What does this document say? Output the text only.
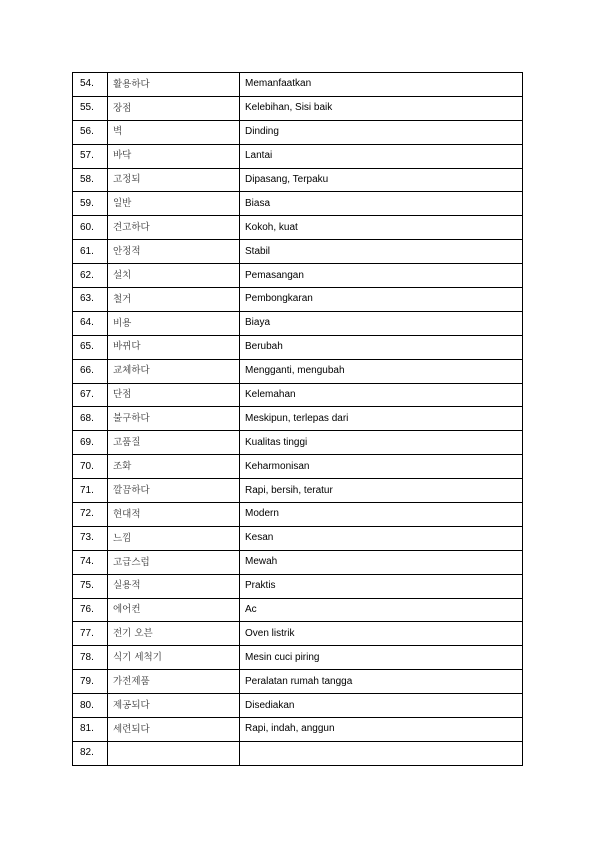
54.	활용하다	Memanfaatkan
55.	장점	Kelebihan, Sisi baik
56.	벽	Dinding
57.	바닥	Lantai
58.	고정되	Dipasang, Terpaku
59.	일반	Biasa
60.	견고하다	Kokoh, kuat
61.	안정적	Stabil
62.	설치	Pemasangan
63.	철거	Pembongkaran
64.	비용	Biaya
65.	바뀌다	Berubah
66.	교체하다	Mengganti, mengubah
67.	단점	Kelemahan
68.	불구하다	Meskipun, terlepas dari
69.	고품질	Kualitas tinggi
70.	조화	Keharmonisan
71.	깔끔하다	Rapi, bersih, teratur
72.	현대적	Modern
73.	느낌	Kesan
74.	고급스럽	Mewah
75.	실용적	Praktis
76.	에어컨	Ac
77.	전기 오븐	Oven listrik
78.	식기 세척기	Mesin cuci piring
79.	가전제품	Peralatan rumah tangga
80.	제공되다	Disediakan
81.	세련되다	Rapi, indah, anggun
82.		
